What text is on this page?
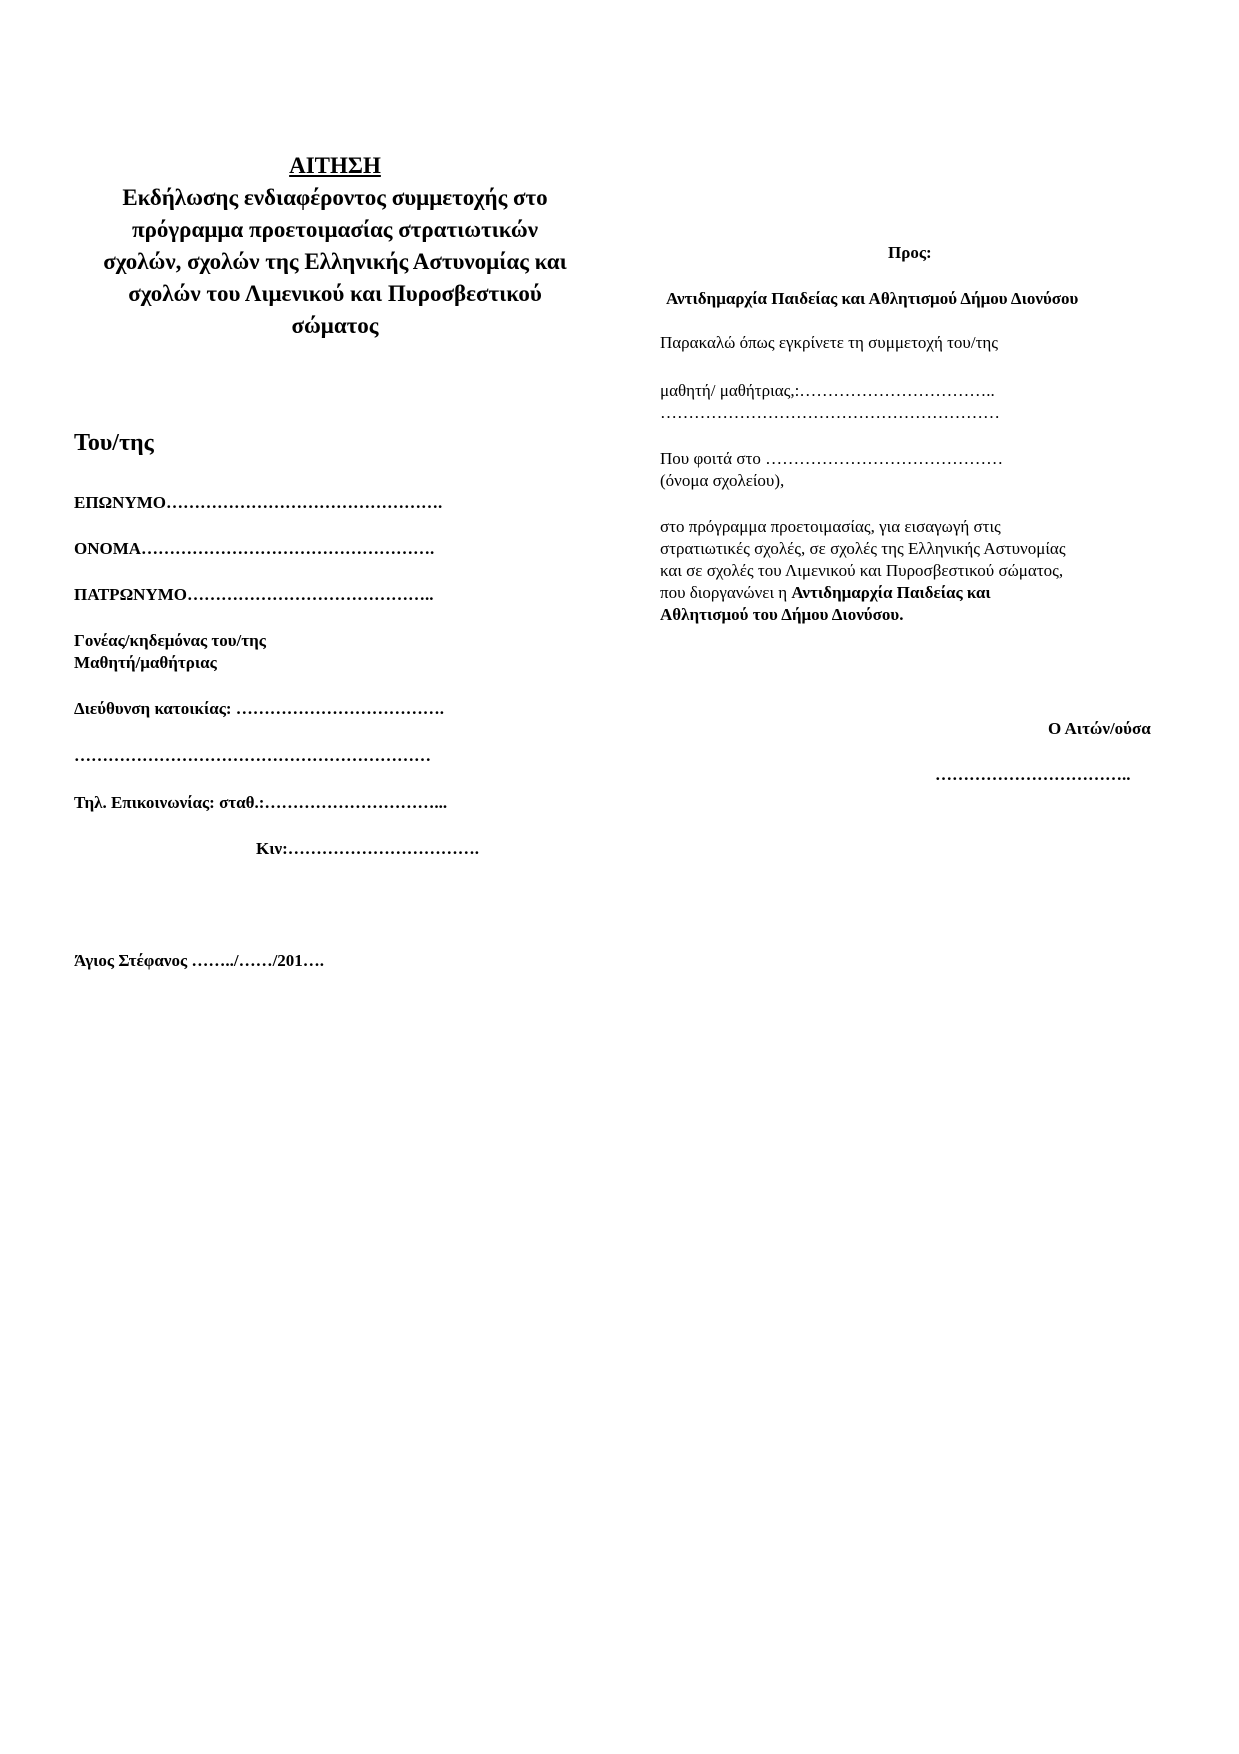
ΑΙΤΗΣΗ
Εκδήλωσης ενδιαφέροντος συμμετοχής στο
πρόγραμμα προετοιμασίας στρατιωτικών
σχολών, σχολών της Ελληνικής Αστυνομίας και
σχολών του Λιμενικού και Πυροσβεστικού
σώματος
Του/της
ΕΠΩΝΥΜΟ………………………………………….
ΟΝΟΜΑ…………………………………………….
ΠΑΤΡΩΝΥΜΟ……………………………………..
Γονέας/κηδεμόνας του/της
Μαθητή/μαθήτριας
Διεύθυνση κατοικίας: ……………………………….
………………………………………………………
Τηλ. Επικοινωνίας: σταθ.:…………………………...
Κιν:…………………………….
Άγιος Στέφανος ……../……/201….
Προς:
Αντιδημαρχία Παιδείας και Αθλητισμού Δήμου Διονύσου
Παρακαλώ όπως εγκρίνετε τη συμμετοχή του/της
μαθητή/ μαθήτριας,:……………………………..
……………………………………………………
Που φοιτά στο ……………………………………
(όνομα σχολείου),
στο πρόγραμμα προετοιμασίας, για εισαγωγή στις
στρατιωτικές σχολές, σε σχολές της Ελληνικής Αστυνομίας
και σε σχολές του Λιμενικού και Πυροσβεστικού σώματος,
που διοργανώνει η Αντιδημαρχία Παιδείας και
Αθλητισμού του Δήμου Διονύσου.
Ο Αιτών/ούσα
……………………………..
